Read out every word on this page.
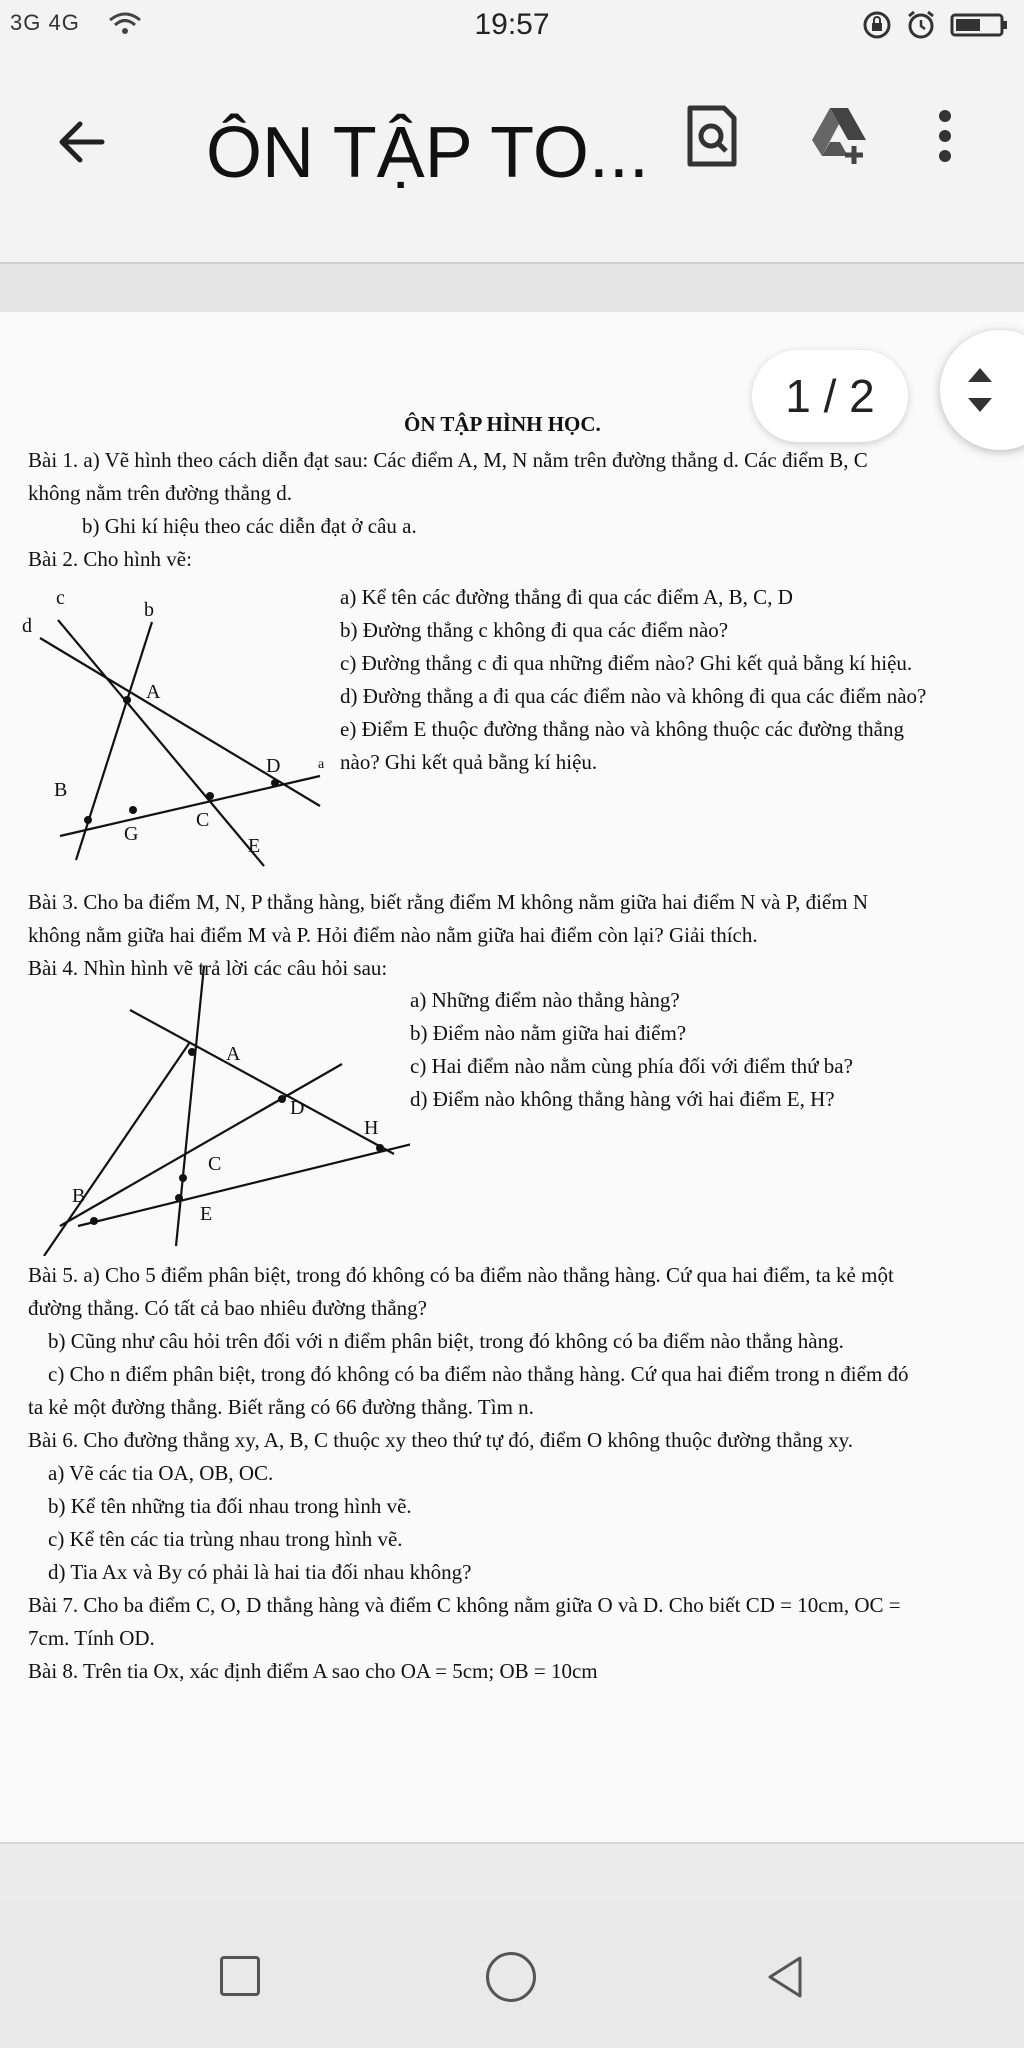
3G 4G	19:57
ÔN TẬP TO...
ÔN TẬP HÌNH HỌC.
Bài 1. a) Vẽ hình theo cách diễn đạt sau: Các điểm A, M, N nằm trên đường thẳng d. Các điểm B, C
không nằm trên đường thẳng d.
b) Ghi kí hiệu theo các diễn đạt ở câu a.
Bài 2. Cho hình vẽ:
a) Kể tên các đường thẳng đi qua các điểm A, B, C, D
b) Đường thẳng c không đi qua các điểm nào?
c) Đường thẳng c đi qua những điểm nào? Ghi kết quả bằng kí hiệu.
d) Đường thẳng a đi qua các điểm nào và không đi qua các điểm nào?
e) Điểm E thuộc đường thẳng nào và không thuộc các đường thẳng
nào? Ghi kết quả bằng kí hiệu.
c
b
d
A
D	a
B
C
G
E
Bài 3. Cho ba điểm M, N, P thẳng hàng, biết rằng điểm M không nằm giữa hai điểm N và P, điểm N
không nằm giữa hai điểm M và P. Hỏi điểm nào nằm giữa hai điểm còn lại? Giải thích.
Bài 4. Nhìn hình vẽ trả lời các câu hỏi sau:
a) Những điểm nào thẳng hàng?
b) Điểm nào nằm giữa hai điểm?
c) Hai điểm nào nằm cùng phía đối với điểm thứ ba?
d) Điểm nào không thẳng hàng với hai điểm E, H?
A
D
H
C
B
E
Bài 5. a) Cho 5 điểm phân biệt, trong đó không có ba điểm nào thẳng hàng. Cứ qua hai điểm, ta kẻ một
đường thẳng. Có tất cả bao nhiêu đường thẳng?
b) Cũng như câu hỏi trên đối với n điểm phân biệt, trong đó không có ba điểm nào thẳng hàng.
c) Cho n điểm phân biệt, trong đó không có ba điểm nào thẳng hàng. Cứ qua hai điểm trong n điểm đó
ta kẻ một đường thẳng. Biết rằng có 66 đường thẳng. Tìm n.
Bài 6. Cho đường thẳng xy, A, B, C thuộc xy theo thứ tự đó, điểm O không thuộc đường thẳng xy.
a) Vẽ các tia OA, OB, OC.
b) Kể tên những tia đối nhau trong hình vẽ.
c) Kể tên các tia trùng nhau trong hình vẽ.
d) Tia Ax và By có phải là hai tia đối nhau không?
Bài 7. Cho ba điểm C, O, D thẳng hàng và điểm C không nằm giữa O và D. Cho biết CD = 10cm, OC =
7cm. Tính OD.
Bài 8. Trên tia Ox, xác định điểm A sao cho OA = 5cm; OB = 10cm
1 / 2
